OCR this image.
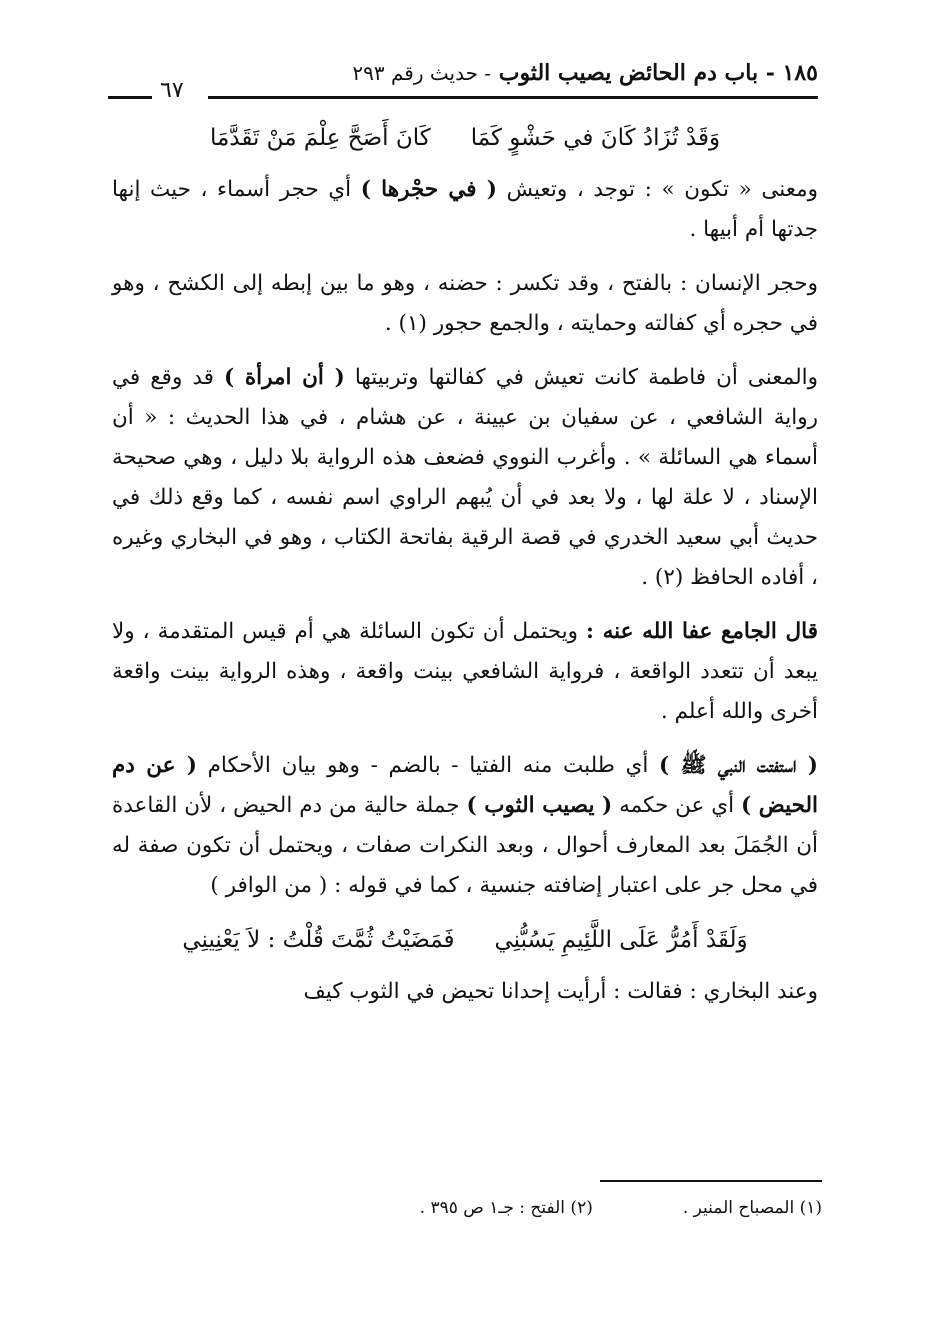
١٨٥ - باب دم الحائض يصيب الثوب - حديث رقم ٢٩٣
٦٧
وَقَدْ تُزَادُ كَانَ في حَشْوٍ كَمَا
كَانَ أَصَحَّ عِلْمَ مَنْ تَقَدَّمَا

ومعنى « تكون » : توجد ، وتعيش ( في حجْرها ) أي حجر أسماء ، حيث إنها جدتها أم أبيها .

وحجر الإنسان : بالفتح ، وقد تكسر : حضنه ، وهو ما بين إبطه إلى الكشح ، وهو في حجره أي كفالته وحمايته ، والجمع حجور (١) .

والمعنى أن فاطمة كانت تعيش في كفالتها وتربيتها ( أن امرأة ) قد وقع في رواية الشافعي ، عن سفيان بن عيينة ، عن هشام ، في هذا الحديث : « أن أسماء هي السائلة » . وأغرب النووي فضعف هذه الرواية بلا دليل ، وهي صحيحة الإسناد ، لا علة لها ، ولا بعد في أن يُبهم الراوي اسم نفسه ، كما وقع ذلك في حديث أبي سعيد الخدري في قصة الرقية بفاتحة الكتاب ، وهو في البخاري وغيره ، أفاده الحافظ (٢) .

قال الجامع عفا الله عنه : ويحتمل أن تكون السائلة هي أم قيس المتقدمة ، ولا يبعد أن تتعدد الواقعة ، فرواية الشافعي بينت واقعة ، وهذه الرواية بينت واقعة أخرى والله أعلم .

( استفتت النبي ﷺ ) أي طلبت منه الفتيا - بالضم - وهو بيان الأحكام ( عن دم الحيض ) أي عن حكمه ( يصيب الثوب ) جملة حالية من دم الحيض ، لأن القاعدة أن الجُمَلَ بعد المعارف أحوال ، وبعد النكرات صفات ، ويحتمل أن تكون صفة له في محل جر على اعتبار إضافته جنسية ، كما في قوله : ( من الوافر )

وَلَقَدْ أَمُرُّ عَلَى اللَّئِيمِ يَسُبُّنِي
فَمَضَيْتُ ثُمَّتَ قُلْتُ : لاَ يَعْنِينِي

وعند البخاري : فقالت : أرأيت إحدانا تحيض في الثوب كيف

(١) المصباح المنير .
(٢) الفتح : جـ١ ص ٣٩٥ .
